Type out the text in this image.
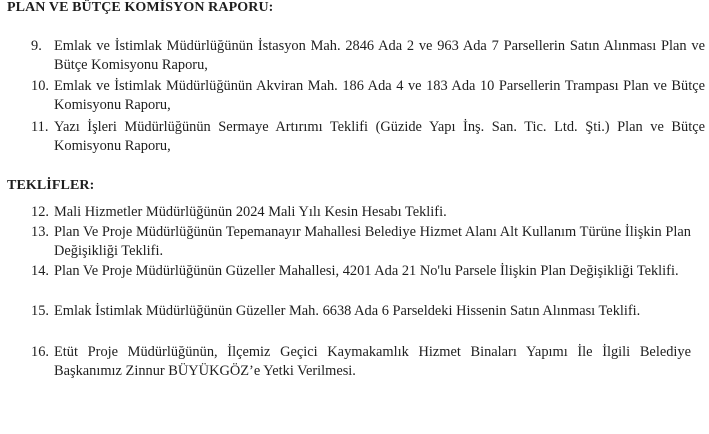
PLAN VE BÜTÇE KOMİSYON RAPORU:
9. Emlak ve İstimlak Müdürlüğünün İstasyon Mah. 2846 Ada 2 ve 963 Ada 7 Parsellerin Satın Alınması Plan ve Bütçe Komisyonu Raporu,
10. Emlak ve İstimlak Müdürlüğünün Akviran Mah. 186 Ada 4 ve 183 Ada 10 Parsellerin Trampası Plan ve Bütçe Komisyonu Raporu,
11. Yazı İşleri Müdürlüğünün Sermaye Artırımı Teklifi (Güzide Yapı İnş. San. Tic. Ltd. Şti.) Plan ve Bütçe Komisyonu Raporu,
TEKLİFLER:
12. Mali Hizmetler Müdürlüğünün 2024 Mali Yılı Kesin Hesabı Teklifi.
13. Plan Ve Proje Müdürlüğünün Tepemanayır Mahallesi Belediye Hizmet Alanı Alt Kullanım Türüne İlişkin Plan Değişikliği Teklifi.
14. Plan Ve Proje Müdürlüğünün Güzeller Mahallesi, 4201 Ada 21 No'lu Parsele İlişkin Plan Değişikliği Teklifi.
15. Emlak İstimlak Müdürlüğünün Güzeller Mah. 6638 Ada 6 Parseldeki Hissenin Satın Alınması Teklifi.
16. Etüt Proje Müdürlüğünün, İlçemiz Geçici Kaymakamlık Hizmet Binaları Yapımı İle İlgili Belediye Başkanımız Zinnur BÜYÜKGÖZ’e Yetki Verilmesi.
